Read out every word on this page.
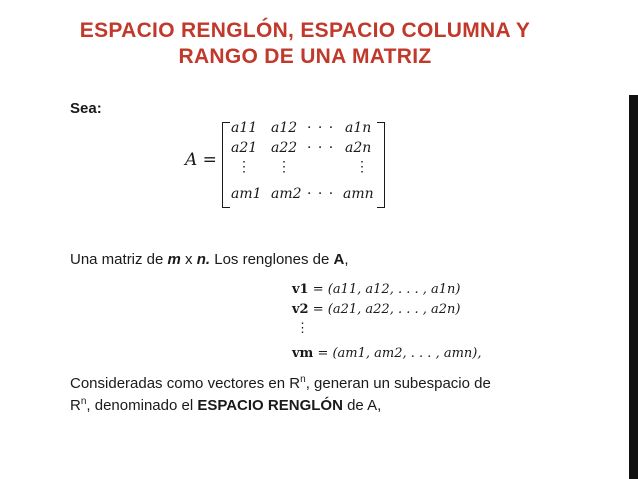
ESPACIO RENGLÓN, ESPACIO COLUMNA Y
RANGO DE UNA MATRIZ
Sea:
A =
a11 a12 · · · a1n
a21 a22 · · · a2n
⋮ ⋮	⋮
am1 am2 · · · amn
Una matriz de m x n. Los renglones de A,
v1 = (a11, a12, . . . , a1n)
v2 = (a21, a22, . . . , a2n)
⋮
vm = (am1, am2, . . . , amn),
Consideradas como vectores en $R^n$, generan un subespacio de
$R^n$, denominado el ESPACIO RENGLÓN de A,
